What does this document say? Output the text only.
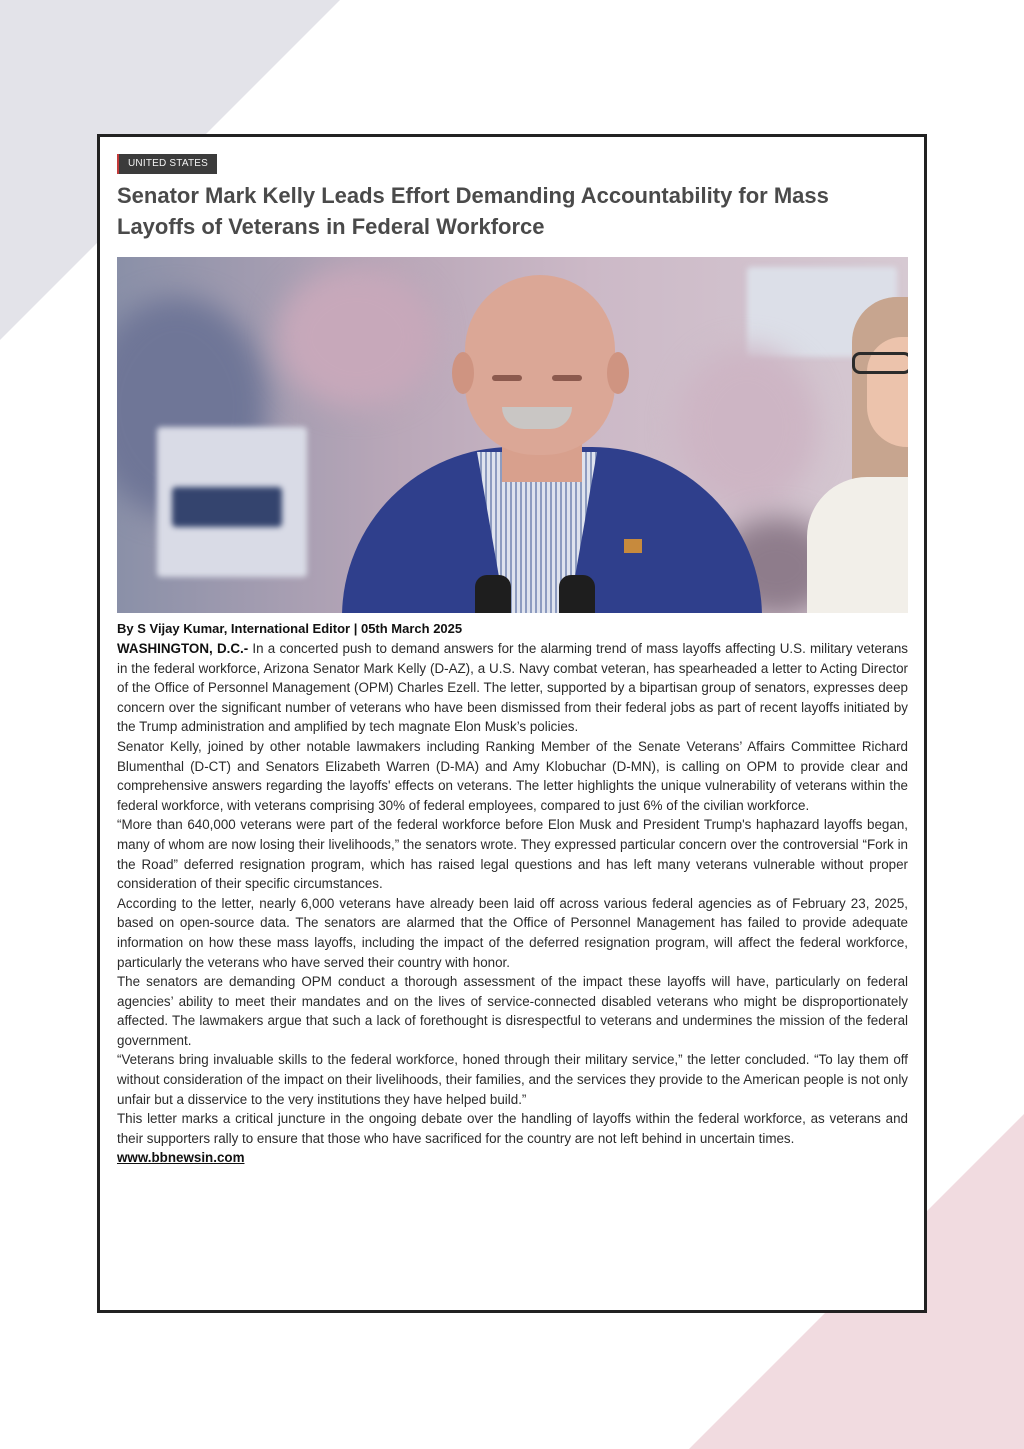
UNITED STATES
Senator Mark Kelly Leads Effort Demanding Accountability for Mass Layoffs of Veterans in Federal Workforce
By S Vijay Kumar, International Editor | 05th March 2025

WASHINGTON, D.C.- In a concerted push to demand answers for the alarming trend of mass layoffs affecting U.S. military veterans in the federal workforce, Arizona Senator Mark Kelly (D-AZ), a U.S. Navy combat veteran, has spearheaded a letter to Acting Director of the Office of Personnel Management (OPM) Charles Ezell. The letter, supported by a bipartisan group of senators, expresses deep concern over the significant number of veterans who have been dismissed from their federal jobs as part of recent layoffs initiated by the Trump administration and amplified by tech magnate Elon Musk’s policies.

Senator Kelly, joined by other notable lawmakers including Ranking Member of the Senate Veterans’ Affairs Committee Richard Blumenthal (D-CT) and Senators Elizabeth Warren (D-MA) and Amy Klobuchar (D-MN), is calling on OPM to provide clear and comprehensive answers regarding the layoffs' effects on veterans. The letter highlights the unique vulnerability of veterans within the federal workforce, with veterans comprising 30% of federal employees, compared to just 6% of the civilian workforce.

“More than 640,000 veterans were part of the federal workforce before Elon Musk and President Trump's haphazard layoffs began, many of whom are now losing their livelihoods,” the senators wrote. They expressed particular concern over the controversial “Fork in the Road” deferred resignation program, which has raised legal questions and has left many veterans vulnerable without proper consideration of their specific circumstances.

According to the letter, nearly 6,000 veterans have already been laid off across various federal agencies as of February 23, 2025, based on open-source data. The senators are alarmed that the Office of Personnel Management has failed to provide adequate information on how these mass layoffs, including the impact of the deferred resignation program, will affect the federal workforce, particularly the veterans who have served their country with honor.

The senators are demanding OPM conduct a thorough assessment of the impact these layoffs will have, particularly on federal agencies’ ability to meet their mandates and on the lives of service-connected disabled veterans who might be disproportionately affected. The lawmakers argue that such a lack of forethought is disrespectful to veterans and undermines the mission of the federal government.

“Veterans bring invaluable skills to the federal workforce, honed through their military service,” the letter concluded. “To lay them off without consideration of the impact on their livelihoods, their families, and the services they provide to the American people is not only unfair but a disservice to the very institutions they have helped build.”

This letter marks a critical juncture in the ongoing debate over the handling of layoffs within the federal workforce, as veterans and their supporters rally to ensure that those who have sacrificed for the country are not left behind in uncertain times.

www.bbnewsin.com
